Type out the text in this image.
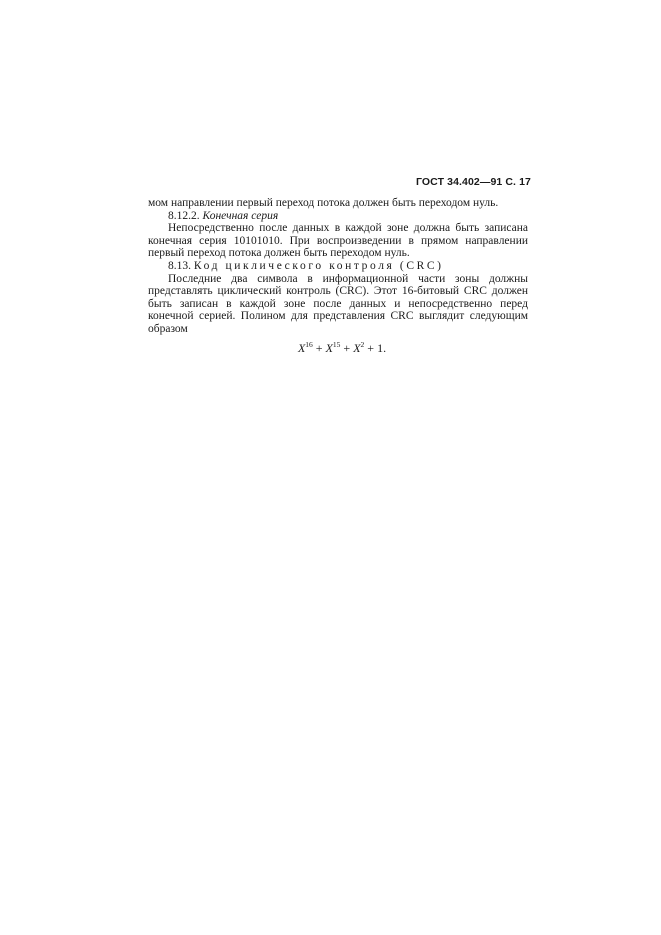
ГОСТ 34.402—91 С. 17

мом направлении первый переход потока должен быть переходом нуль.

8.12.2. Конечная серия

Непосредственно после данных в каждой зоне должна быть записана конечная серия 10101010. При воспроизведении в прямом направлении первый переход потока должен быть переходом нуль.

8.13. Код циклического контроля (CRC)

Последние два символа в информационной части зоны должны представлять циклический контроль (CRC). Этот 16-битовый CRC должен быть записан в каждой зоне после данных и непосредственно перед конечной серией. Полином для представления CRC выглядит следующим образом

$X^{16} + X^{15} + X^2 + 1$.
